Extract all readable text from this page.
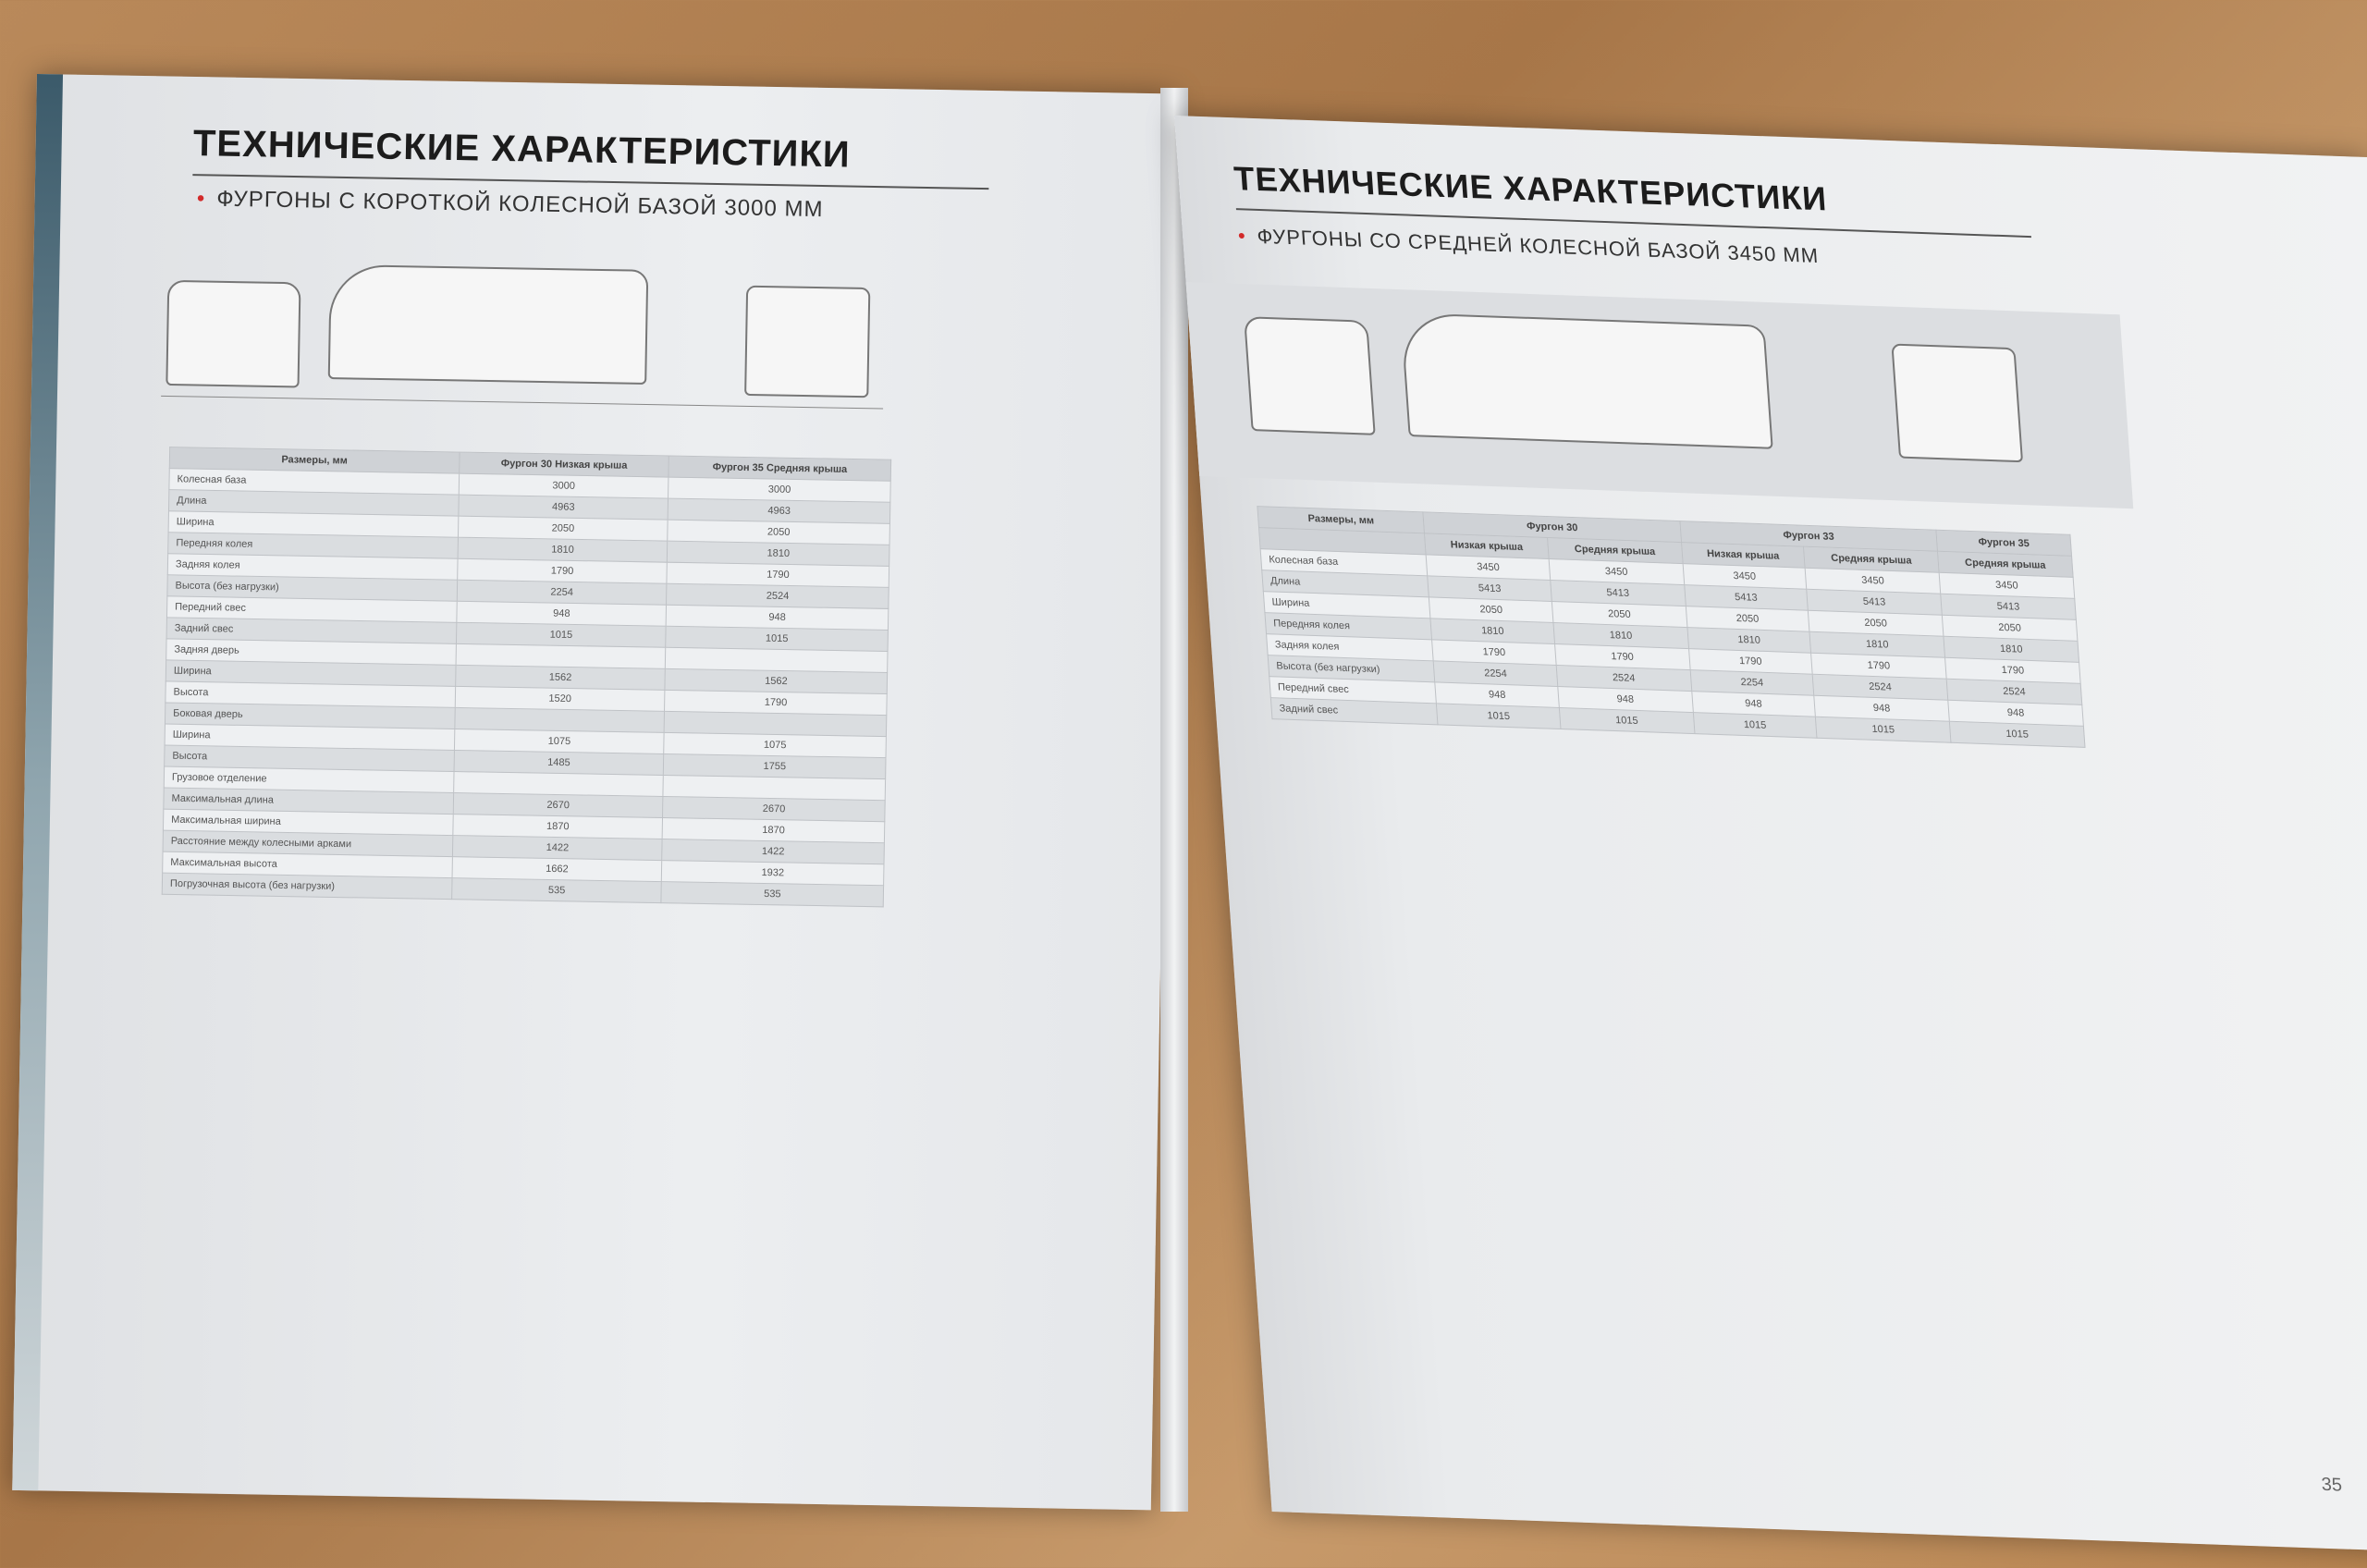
ТЕХНИЧЕСКИЕ ХАРАКТЕРИСТИКИ
• ФУРГОНЫ С КОРОТКОЙ КОЛЕСНОЙ БАЗОЙ 3000 ММ
Размеры, мм	Фургон 30 Низкая крыша	Фургон 35 Средняя крыша
Колесная база	3000	3000
Длина	4963	4963
Ширина	2050	2050
Передняя колея	1810	1810
Задняя колея	1790	1790
Высота (без нагрузки)	2254	2524
Передний свес	948	948
Задний свес	1015	1015
Задняя дверь		
Ширина	1562	1562
Высота	1520	1790
Боковая дверь		
Ширина	1075	1075
Высота	1485	1755
Грузовое отделение		
Максимальная длина	2670	2670
Максимальная ширина	1870	1870
Расстояние между колесными арками	1422	1422
Максимальная высота	1662	1932
Погрузочная высота (без нагрузки)	535	535
ТЕХНИЧЕСКИЕ ХАРАКТЕРИСТИКИ
• ФУРГОНЫ СО СРЕДНЕЙ КОЛЕСНОЙ БАЗОЙ 3450 ММ
Размеры, мм	Фургон 30		Фургон 33		Фургон 35
	Низкая крыша	Средняя крыша	Низкая крыша	Средняя крыша	Средняя крыша
Колесная база	3450	3450	3450	3450	3450
Длина	5413	5413	5413	5413	5413
Ширина	2050	2050	2050	2050	2050
Передняя колея	1810	1810	1810	1810	1810
Задняя колея	1790	1790	1790	1790	1790
Высота (без нагрузки)	2254	2524	2254	2524	2524
Передний свес	948	948	948	948	948
Задний свес	1015	1015	1015	1015	1015
35
